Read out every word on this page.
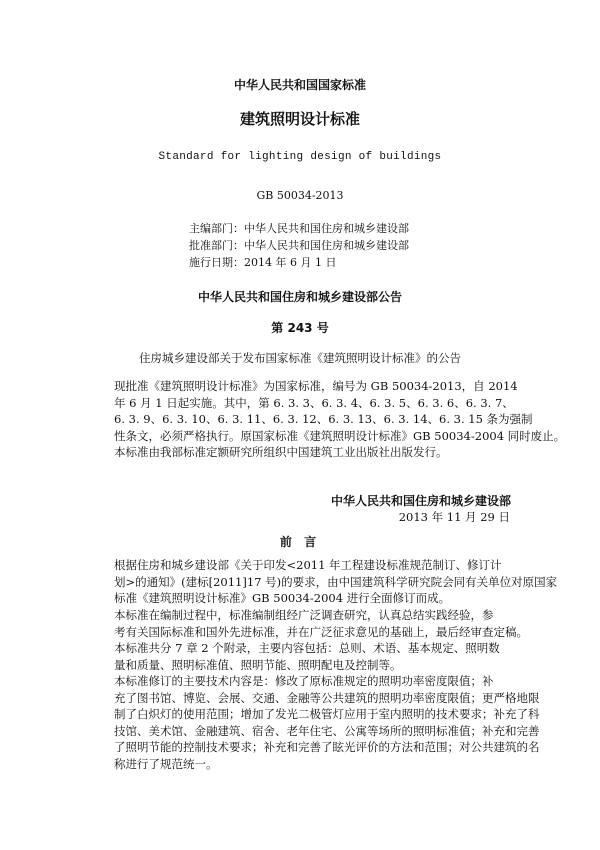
中华人民共和国国家标准

建筑照明设计标准

Standard for lighting design of buildings

GB 50034-2013

主编部门：中华人民共和国住房和城乡建设部

批准部门：中华人民共和国住房和城乡建设部

施行日期：2014 年 6 月 1 日

中华人民共和国住房和城乡建设部公告

第 243 号

住房城乡建设部关于发布国家标准《建筑照明设计标准》的公告

现批准《建筑照明设计标准》为国家标准，编号为 GB 50034-2013，自 2014
年 6 月 1 日起实施。其中，第 6. 3. 3、6. 3. 4、6. 3. 5、6. 3. 6、6. 3. 7、
6. 3. 9、6. 3. 10、6. 3. 11、6. 3. 12、6. 3. 13、6. 3. 14、6. 3. 15 条为强制
性条文，必须严格执行。原国家标准《建筑照明设计标准》GB 50034-2004 同时废止。
本标准由我部标准定额研究所组织中国建筑工业出版社出版发行。

中华人民共和国住房和城乡建设部

2013 年 11 月 29 日

前 言

根据住房和城乡建设部《关于印发<2011 年工程建设标准规范制订、修订计
划>的通知》(建标[2011]17 号)的要求，由中国建筑科学研究院会同有关单位对原国家
标准《建筑照明设计标准》GB 50034-2004 进行全面修订而成。
本标准在编制过程中，标准编制组经广泛调查研究，认真总结实践经验，参
考有关国际标准和国外先进标准，并在广泛征求意见的基础上，最后经审查定稿。
本标准共分 7 章 2 个附录，主要内容包括：总则、术语、基本规定、照明数
量和质量、照明标准值、照明节能、照明配电及控制等。
本标准修订的主要技术内容是：修改了原标准规定的照明功率密度限值；补
充了图书馆、博览、会展、交通、金融等公共建筑的照明功率密度限值；更严格地限
制了白炽灯的使用范围；增加了发光二极管灯应用于室内照明的技术要求；补充了科
技馆、美术馆、金融建筑、宿舍、老年住宅、公寓等场所的照明标准值；补充和完善
了照明节能的控制技术要求；补充和完善了眩光评价的方法和范围；对公共建筑的名
称进行了规范统一。
